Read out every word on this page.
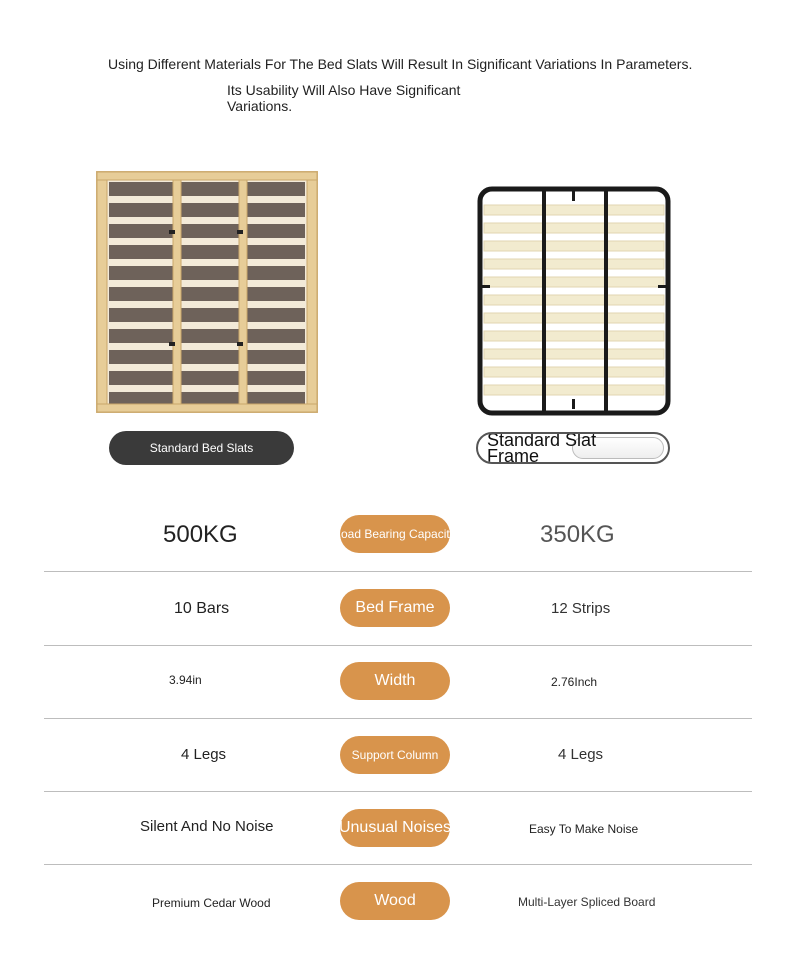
Using Different Materials For The Bed Slats Will Result In Significant Variations In Parameters.
Its Usability Will Also Have Significant Variations.
Standard Bed Slats	Standard Slat Frame
500KG	Load Bearing Capacity	350KG
10 Bars	Bed Frame	12 Strips
3.94in	Width	2.76Inch
4 Legs	Support Column	4 Legs
Silent And No Noise	Unusual Noises	Easy To Make Noise
Premium Cedar Wood	Wood	Multi-Layer Spliced Board
